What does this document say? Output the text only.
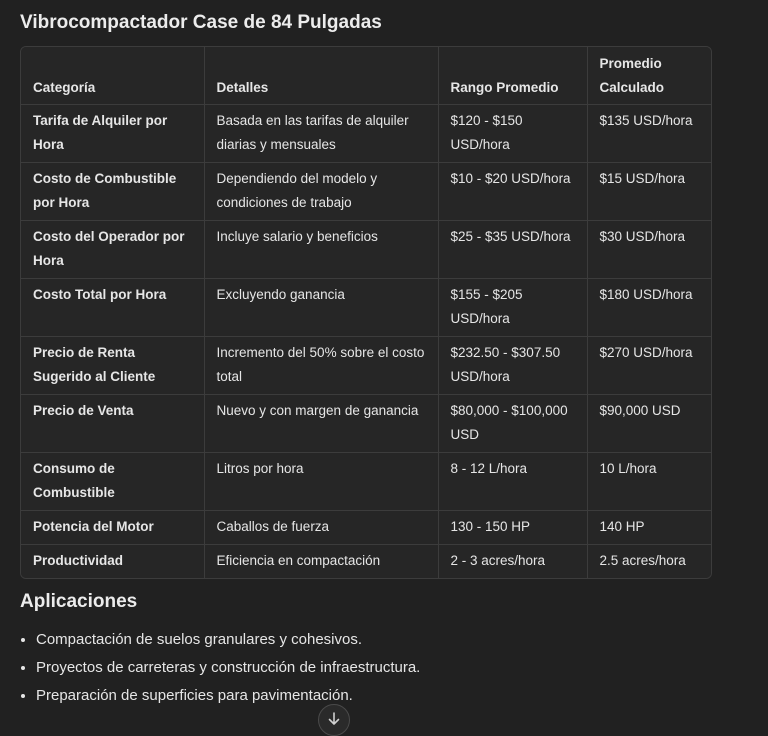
Vibrocompactador Case de 84 Pulgadas
Categoría	Detalles	Rango Promedio	Promedio Calculado
Tarifa de Alquiler por Hora	Basada en las tarifas de alquiler diarias y mensuales	$120 - $150 USD/hora	$135 USD/hora
Costo de Combustible por Hora	Dependiendo del modelo y condiciones de trabajo	$10 - $20 USD/hora	$15 USD/hora
Costo del Operador por Hora	Incluye salario y beneficios	$25 - $35 USD/hora	$30 USD/hora
Costo Total por Hora	Excluyendo ganancia	$155 - $205 USD/hora	$180 USD/hora
Precio de Renta Sugerido al Cliente	Incremento del 50% sobre el costo total	$232.50 - $307.50 USD/hora	$270 USD/hora
Precio de Venta	Nuevo y con margen de ganancia	$80,000 - $100,000 USD	$90,000 USD
Consumo de Combustible	Litros por hora	8 - 12 L/hora	10 L/hora
Potencia del Motor	Caballos de fuerza	130 - 150 HP	140 HP
Productividad	Eficiencia en compactación	2 - 3 acres/hora	2.5 acres/hora
Aplicaciones
Compactación de suelos granulares y cohesivos.
Proyectos de carreteras y construcción de infraestructura.
Preparación de superficies para pavimentación.
